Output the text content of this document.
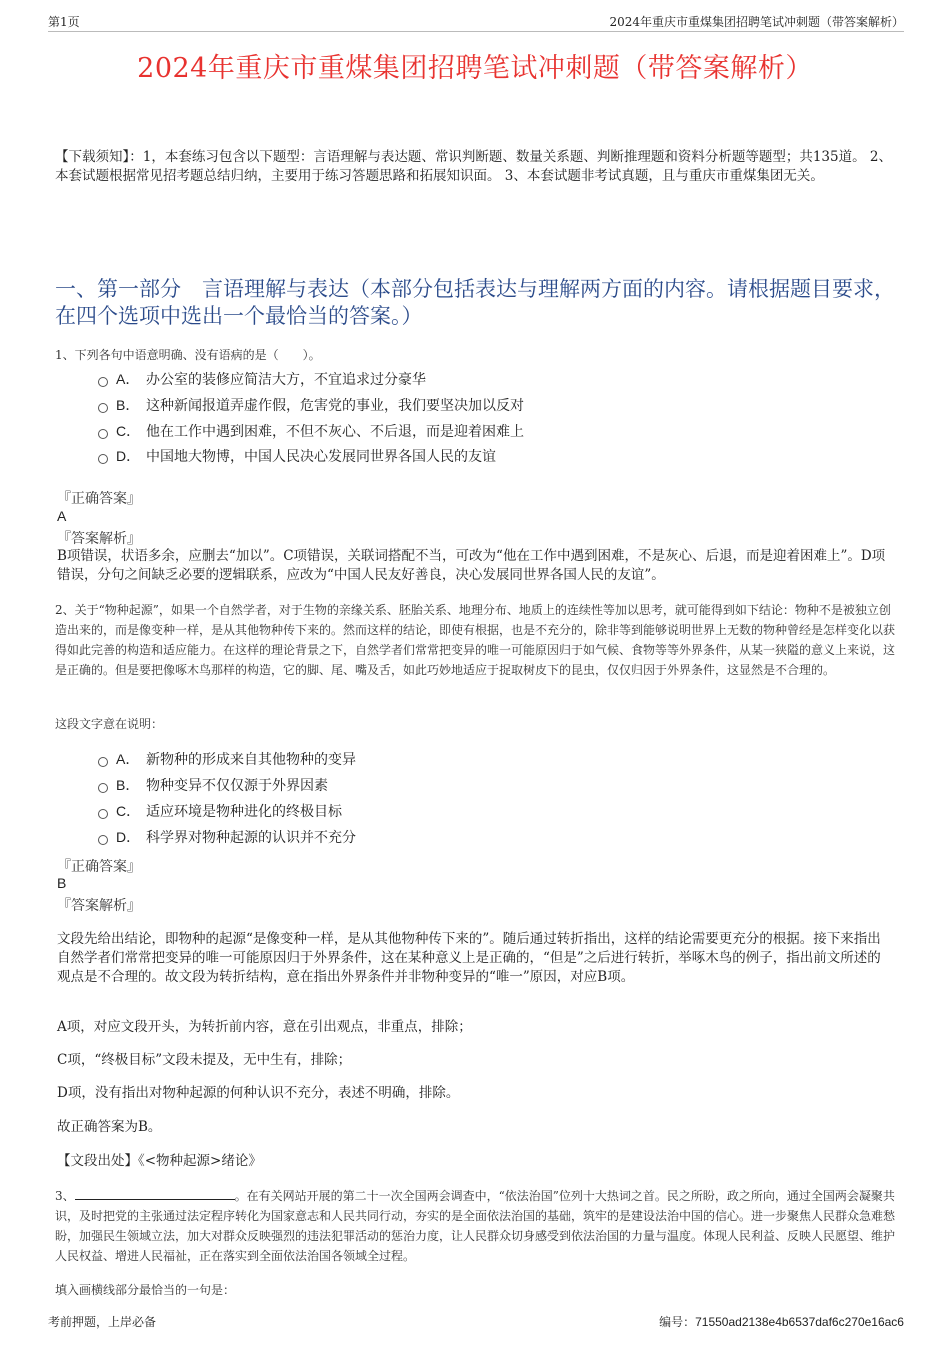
第1页	2024年重庆市重煤集团招聘笔试冲刺题（带答案解析）
2024年重庆市重煤集团招聘笔试冲刺题（带答案解析）
【下载须知】：1，本套练习包含以下题型：言语理解与表达题、常识判断题、数量关系题、判断推理题和资料分析题等题型；共135道。 2、本套试题根据常见招考题总结归纳，主要用于练习答题思路和拓展知识面。 3、本套试题非考试真题，且与重庆市重煤集团无关。
一、第一部分　言语理解与表达（本部分包括表达与理解两方面的内容。请根据题目要求，在四个选项中选出一个最恰当的答案。）
1、下列各句中语意明确、没有语病的是（　　）。
A． 办公室的装修应简洁大方，不宜追求过分豪华
B． 这种新闻报道弄虚作假，危害党的事业，我们要坚决加以反对
C． 他在工作中遇到困难，不但不灰心、不后退，而是迎着困难上
D． 中国地大物博，中国人民决心发展同世界各国人民的友谊
『正确答案』
A
『答案解析』
B项错误，状语多余，应删去“加以”。C项错误，关联词搭配不当，可改为“他在工作中遇到困难，不是灰心、后退，而是迎着困难上”。D项错误，分句之间缺乏必要的逻辑联系，应改为“中国人民友好善良，决心发展同世界各国人民的友谊”。
2、关于“物种起源”，如果一个自然学者，对于生物的亲缘关系、胚胎关系、地理分布、地质上的连续性等加以思考，就可能得到如下结论：物种不是被独立创造出来的，而是像变种一样，是从其他物种传下来的。然而这样的结论，即使有根据，也是不充分的，除非等到能够说明世界上无数的物种曾经是怎样变化以获得如此完善的构造和适应能力。在这样的理论背景之下，自然学者们常常把变异的唯一可能原因归于如气候、食物等等外界条件，从某一狭隘的意义上来说，这是正确的。但是要把像啄木鸟那样的构造，它的脚、尾、嘴及舌，如此巧妙地适应于捉取树皮下的昆虫，仅仅归因于外界条件，这显然是不合理的。
这段文字意在说明：
A． 新物种的形成来自其他物种的变异
B． 物种变异不仅仅源于外界因素
C． 适应环境是物种进化的终极目标
D． 科学界对物种起源的认识并不充分
『正确答案』
B
『答案解析』
文段先给出结论，即物种的起源“是像变种一样，是从其他物种传下来的”。随后通过转折指出，这样的结论需要更充分的根据。接下来指出自然学者们常常把变异的唯一可能原因归于外界条件，这在某种意义上是正确的，“但是”之后进行转折，举啄木鸟的例子，指出前文所述的观点是不合理的。故文段为转折结构，意在指出外界条件并非物种变异的“唯一”原因，对应B项。
A项，对应文段开头，为转折前内容，意在引出观点，非重点，排除；
C项，“终极目标”文段未提及，无中生有，排除；
D项，没有指出对物种起源的何种认识不充分，表述不明确，排除。
故正确答案为B。
【文段出处】《<物种起源>绪论》
3、	。在有关网站开展的第二十一次全国两会调查中，“依法治国”位列十大热词之首。民之所盼，政之所向，通过全国两会凝聚共识，及时把党的主张通过法定程序转化为国家意志和人民共同行动，夯实的是全面依法治国的基础，筑牢的是建设法治中国的信心。进一步聚焦人民群众急难愁盼，加强民生领域立法，加大对群众反映强烈的违法犯罪活动的惩治力度，让人民群众切身感受到依法治国的力量与温度。体现人民利益、反映人民愿望、维护人民权益、增进人民福祉，正在落实到全面依法治国各领域全过程。
填入画横线部分最恰当的一句是：
考前押题，上岸必备	编号：71550ad2138e4b6537daf6c270e16ac6
